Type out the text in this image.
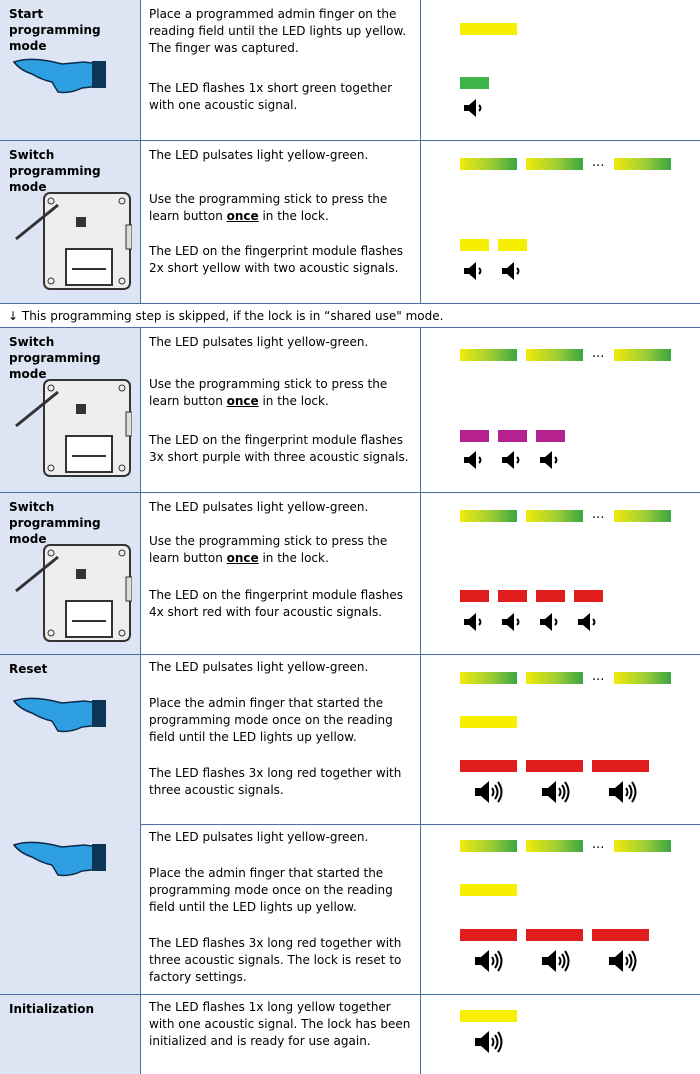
Start programming mode
Place a programmed admin finger on the reading field until the LED lights up yellow. The finger was captured.
The LED flashes 1x short green together with one acoustic signal.
Switch programming mode
The LED pulsates light yellow-green.
Use the programming stick to press the learn button once in the lock.
The LED on the fingerprint module flashes 2x short yellow with two acoustic signals.
...
↓ This programming step is skipped, if the lock is in “shared use" mode.
Switch programming mode
The LED pulsates light yellow-green.
Use the programming stick to press the learn button once in the lock.
The LED on the fingerprint module flashes 3x short purple with three acoustic signals.
...
Switch programming mode
The LED pulsates light yellow-green.
Use the programming stick to press the learn button once in the lock.
The LED on the fingerprint module flashes 4x short red with four acoustic signals.
...
Reset	The LED pulsates light yellow-green.
Place the admin finger that started the programming mode once on the reading field until the LED lights up yellow.
The LED flashes 3x long red together with three acoustic signals.
...
The LED pulsates light yellow-green.
Place the admin finger that started the programming mode once on the reading field until the LED lights up yellow.
The LED flashes 3x long red together with three acoustic signals. The lock is reset to factory settings.
...
Initialization	The LED flashes 1x long yellow together with one acoustic signal. The lock has been initialized and is ready for use again.
